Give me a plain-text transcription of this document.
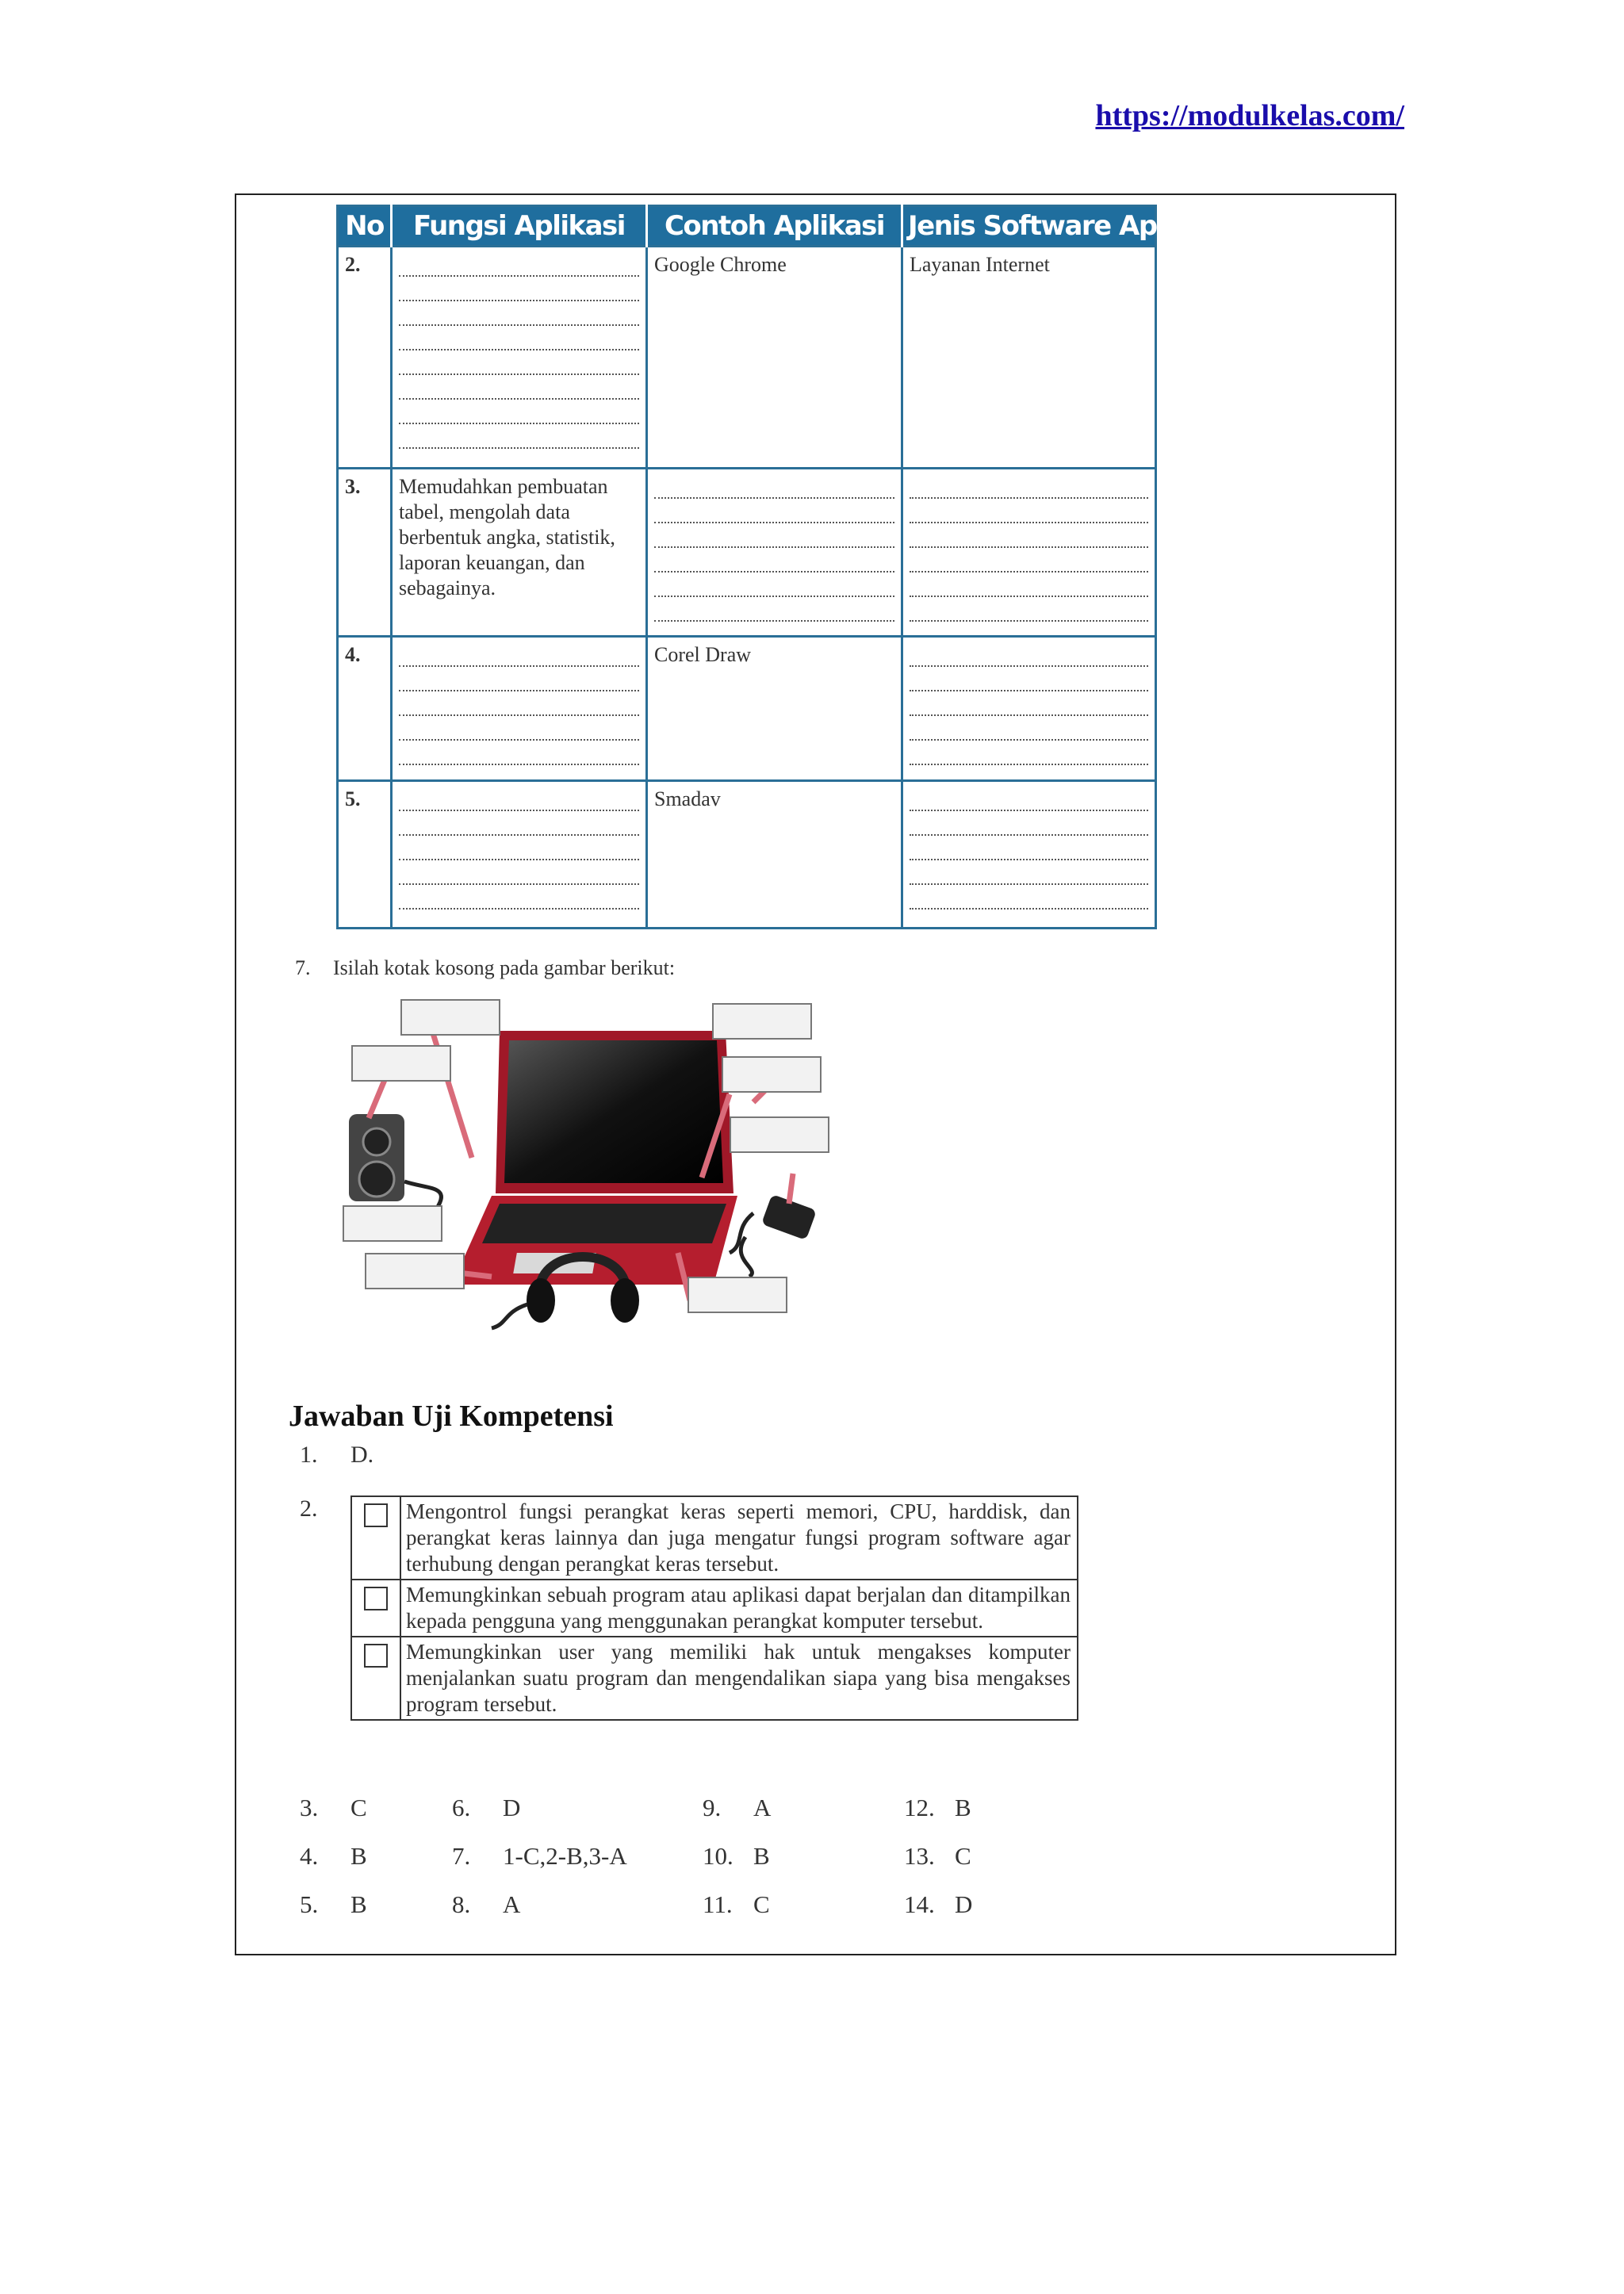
https://modulkelas.com/
No	Fungsi Aplikasi	Contoh Aplikasi	Jenis Software Aplikasi
2.		Google Chrome	Layanan Internet
3.	Memudahkan pembuatan tabel, mengolah data berbentuk angka, statistik, laporan keuangan, dan sebagainya.	

4.		Corel Draw	

5.		Smadav	
7. Isilah kotak kosong pada gambar berikut:
Jawaban Uji Kompetensi
1. D.
2.
		Mengontrol fungsi perangkat keras seperti memori, CPU, harddisk, dan perangkat keras lainnya dan juga mengatur fungsi program software agar terhubung dengan perangkat keras tersebut.
	Memungkinkan sebuah program atau aplikasi dapat berjalan dan ditampilkan kepada pengguna yang menggunakan perangkat komputer tersebut.
	Memungkinkan user yang memiliki hak untuk mengakses komputer menjalankan suatu program dan mengendalikan siapa yang bisa mengakses program tersebut.
3. C	6. D	9. A	12. B
4. B	7. 1-C,2-B,3-A	10. B	13. C
5. B	8. A	11. C	14. D
